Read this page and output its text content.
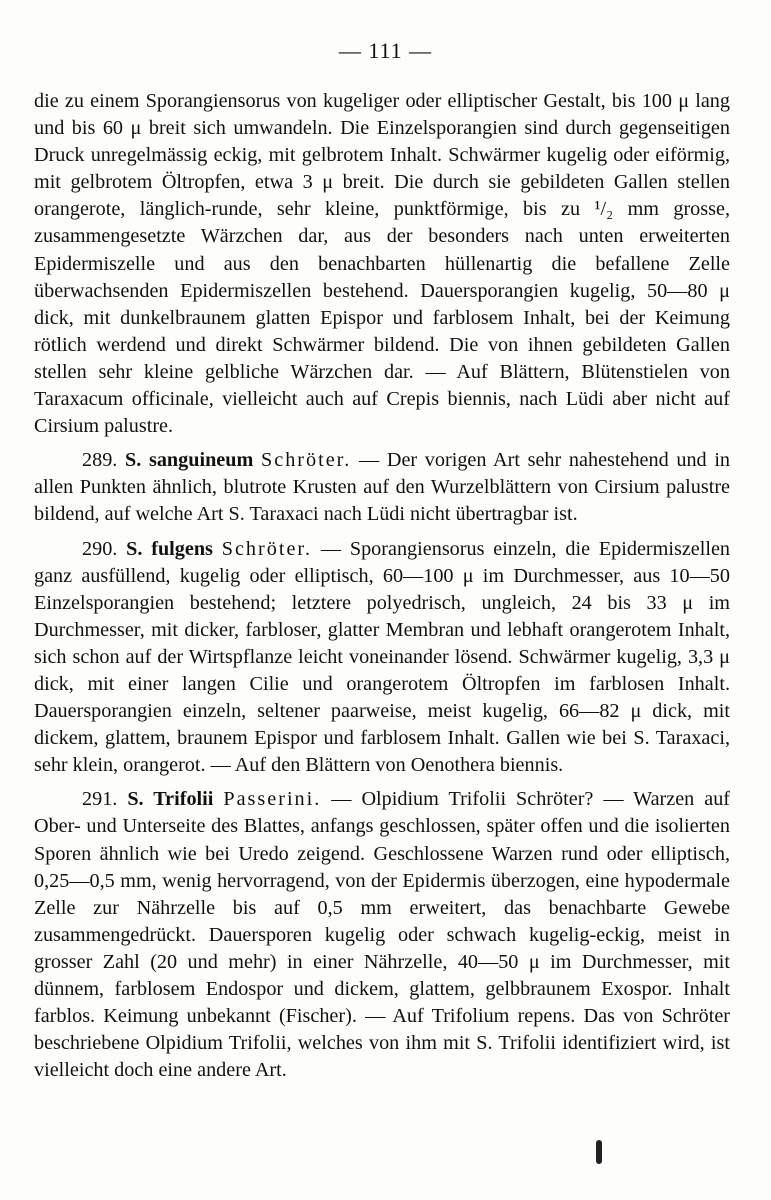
— 111 —

die zu einem Sporangiensorus von kugeliger oder elliptischer Gestalt, bis 100 μ lang und bis 60 μ breit sich umwandeln. Die Einzelsporangien sind durch gegenseitigen Druck unregelmässig eckig, mit gelbrotem Inhalt. Schwärmer kugelig oder eiförmig, mit gelbrotem Öltropfen, etwa 3 μ breit. Die durch sie gebildeten Gallen stellen orangerote, länglich-runde, sehr kleine, punktförmige, bis zu ¹/₂ mm grosse, zusammengesetzte Wärzchen dar, aus der besonders nach unten erweiterten Epidermiszelle und aus den benachbarten hüllenartig die befallene Zelle überwachsenden Epidermiszellen bestehend. Dauersporangien kugelig, 50—80 μ dick, mit dunkelbraunem glatten Epispor und farblosem Inhalt, bei der Keimung rötlich werdend und direkt Schwärmer bildend. Die von ihnen gebildeten Gallen stellen sehr kleine gelbliche Wärzchen dar. — Auf Blättern, Blütenstielen von Taraxacum officinale, vielleicht auch auf Crepis biennis, nach Lüdi aber nicht auf Cirsium palustre.

289. S. sanguineum Schröter. — Der vorigen Art sehr nahestehend und in allen Punkten ähnlich, blutrote Krusten auf den Wurzelblättern von Cirsium palustre bildend, auf welche Art S. Taraxaci nach Lüdi nicht übertragbar ist.

290. S. fulgens Schröter. — Sporangiensorus einzeln, die Epidermiszellen ganz ausfüllend, kugelig oder elliptisch, 60—100 μ im Durchmesser, aus 10—50 Einzelsporangien bestehend; letztere polyedrisch, ungleich, 24 bis 33 μ im Durchmesser, mit dicker, farbloser, glatter Membran und lebhaft orangerotem Inhalt, sich schon auf der Wirtspflanze leicht voneinander lösend. Schwärmer kugelig, 3,3 μ dick, mit einer langen Cilie und orangerotem Öltropfen im farblosen Inhalt. Dauersporangien einzeln, seltener paarweise, meist kugelig, 66—82 μ dick, mit dickem, glattem, braunem Epispor und farblosem Inhalt. Gallen wie bei S. Taraxaci, sehr klein, orangerot. — Auf den Blättern von Oenothera biennis.

291. S. Trifolii Passerini. — Olpidium Trifolii Schröter? — Warzen auf Ober- und Unterseite des Blattes, anfangs geschlossen, später offen und die isolierten Sporen ähnlich wie bei Uredo zeigend. Geschlossene Warzen rund oder elliptisch, 0,25—0,5 mm, wenig hervorragend, von der Epidermis überzogen, eine hypodermale Zelle zur Nährzelle bis auf 0,5 mm erweitert, das benachbarte Gewebe zusammengedrückt. Dauersporen kugelig oder schwach kugelig-eckig, meist in grosser Zahl (20 und mehr) in einer Nährzelle, 40—50 μ im Durchmesser, mit dünnem, farblosem Endospor und dickem, glattem, gelbbraunem Exospor. Inhalt farblos. Keimung unbekannt (Fischer). — Auf Trifolium repens. Das von Schröter beschriebene Olpidium Trifolii, welches von ihm mit S. Trifolii identifiziert wird, ist vielleicht doch eine andere Art.
